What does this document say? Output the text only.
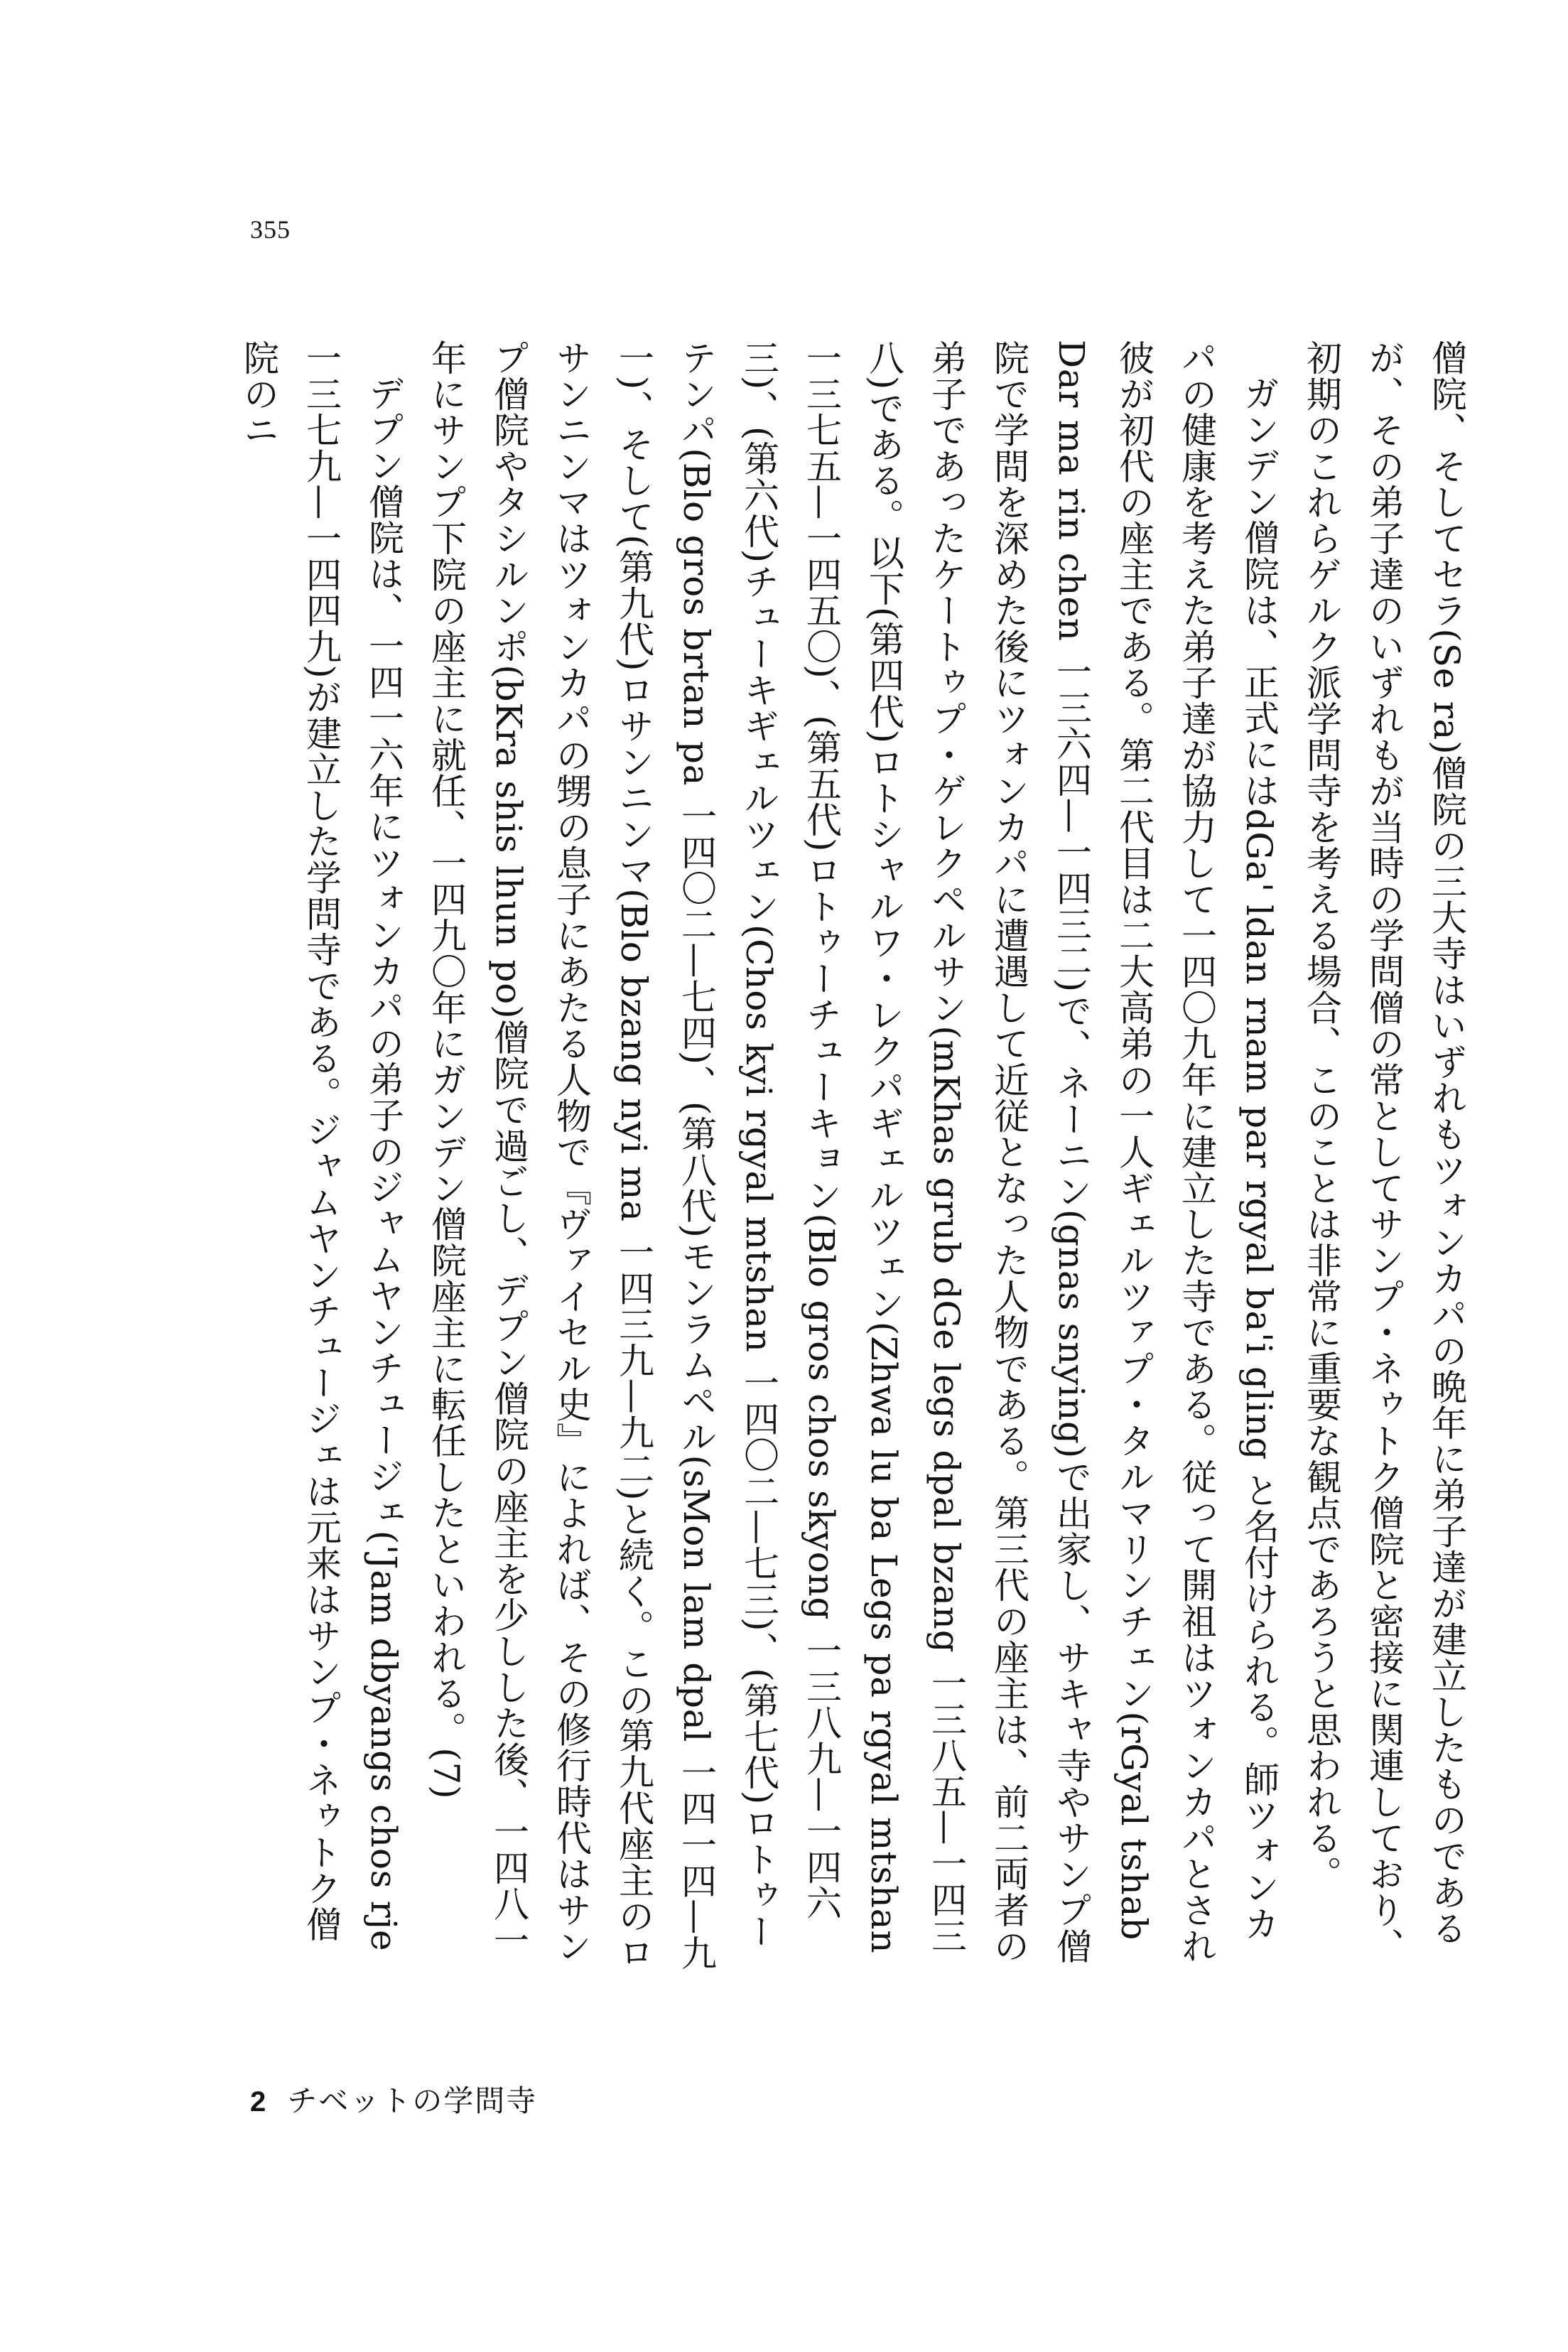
355

僧院、そしてセラ(Se ra)僧院の三大寺はいずれもツォンカパの晩年に弟子達が建立したものであるが、その弟子達のいずれもが当時の学問僧の常としてサンプ・ネゥトク僧院と密接に関連しており、初期のこれらゲルク派学問寺を考える場合、このことは非常に重要な観点であろうと思われる。

ガンデン僧院は、正式にはdGa' ldan rnam par rgyal ba'i gling と名付けられる。師ツォンカパの健康を考えた弟子達が協力して一四〇九年に建立した寺である。従って開祖はツォンカパとされ彼が初代の座主である。第二代目は二大高弟の一人ギェルツァプ・タルマリンチェン(rGyal tshab Dar ma rin chen 一三六四—一四三二)で、ネーニン(gnas snying)で出家し、サキャ寺やサンプ僧院で学問を深めた後にツォンカパに遭遇して近従となった人物である。第三代の座主は、前二両者の弟子であったケートゥプ・ゲレクペルサン(mKhas grub dGe legs dpal bzang 一三八五—一四三八)である。以下(第四代)ロトシャルワ・レクパギェルツェン(Zhwa lu ba Legs pa rgyal mtshan 一三七五—一四五〇)、(第五代)ロトゥーチューキョン(Blo gros chos skyong 一三八九—一四六三)、(第六代)チューキギェルツェン(Chos kyi rgyal mtshan 一四〇二—七三)、(第七代)ロトゥーテンパ(Blo gros brtan pa 一四〇二—七四)、(第八代)モンラムペル(sMon lam dpal 一四一四—九一)、そして(第九代)ロサンニンマ(Blo bzang nyi ma 一四三九—九二)と続く。この第九代座主のロサンニンマはツォンカパの甥の息子にあたる人物で『ヴァイセル史』によれば、その修行時代はサンプ僧院やタシルンポ(bKra shis lhun po)僧院で過ごし、デプン僧院の座主を少しした後、一四八一年にサンプ下院の座主に就任、一四九〇年にガンデン僧院座主に転任したといわれる。(7)

デプン僧院は、一四一六年にツォンカパの弟子のジャムヤンチュージェ('Jam dbyangs chos rje 一三七九—一四四九)が建立した学問寺である。ジャムヤンチュージェは元来はサンプ・ネゥトク僧院のニ

2 チベットの学問寺
